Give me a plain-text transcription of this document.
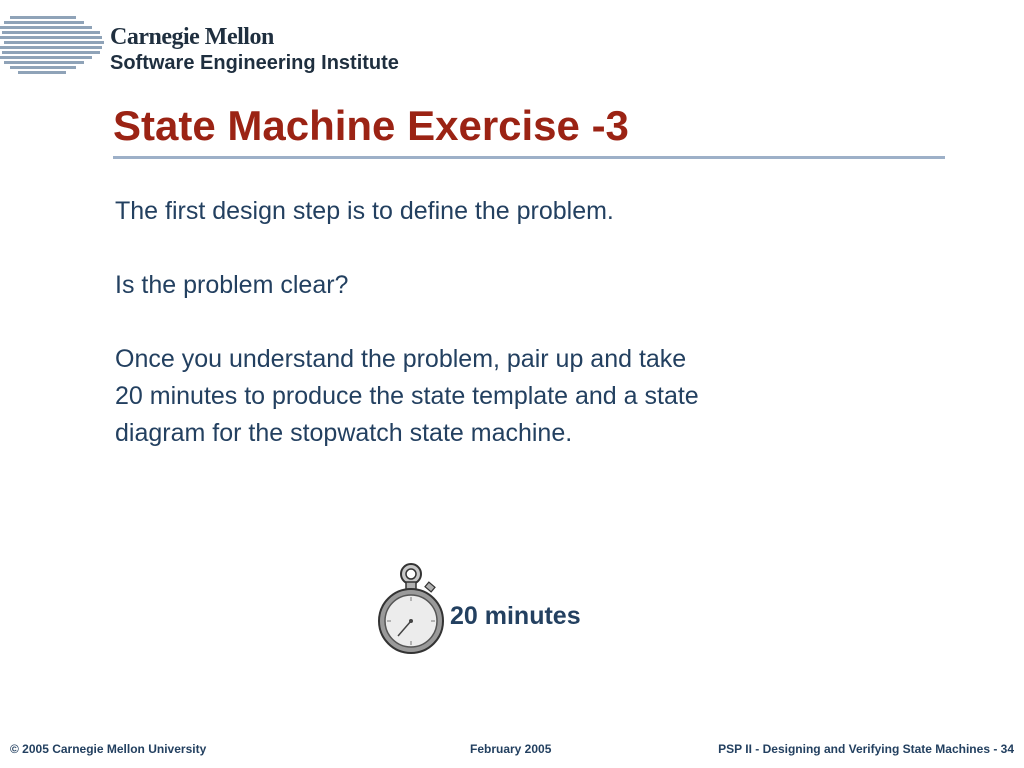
Carnegie Mellon
Software Engineering Institute
State Machine Exercise -3

The first design step is to define the problem.

Is the problem clear?

Once you understand the problem, pair up and take

20 minutes to produce the state template and a state

diagram for the stopwatch state machine.

20 minutes
© 2005 Carnegie Mellon University	February 2005	PSP II - Designing and Verifying State Machines - 34
